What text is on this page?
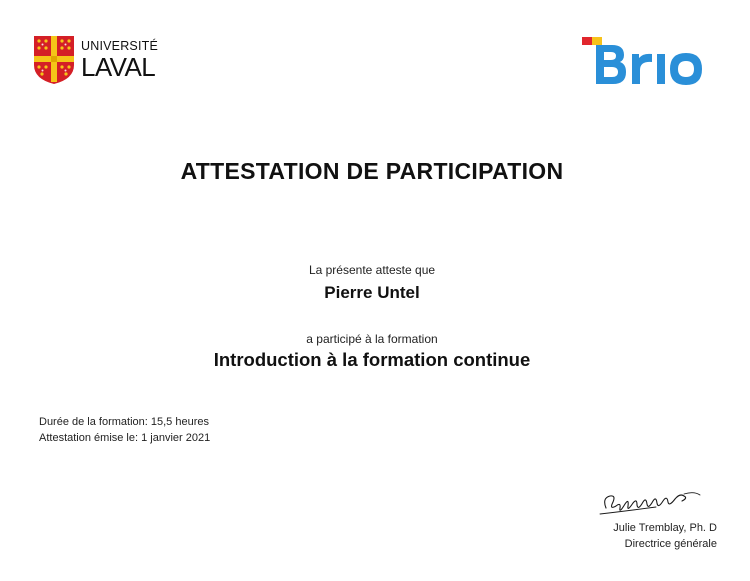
UNIVERSITÉ
LAVAL
ATTESTATION DE PARTICIPATION
La présente atteste que
Pierre Untel
a participé à la formation
Introduction à la formation continue
Durée de la formation: 15,5 heures
Attestation émise le: 1 janvier 2021
Julie Tremblay, Ph. D
Directrice générale
